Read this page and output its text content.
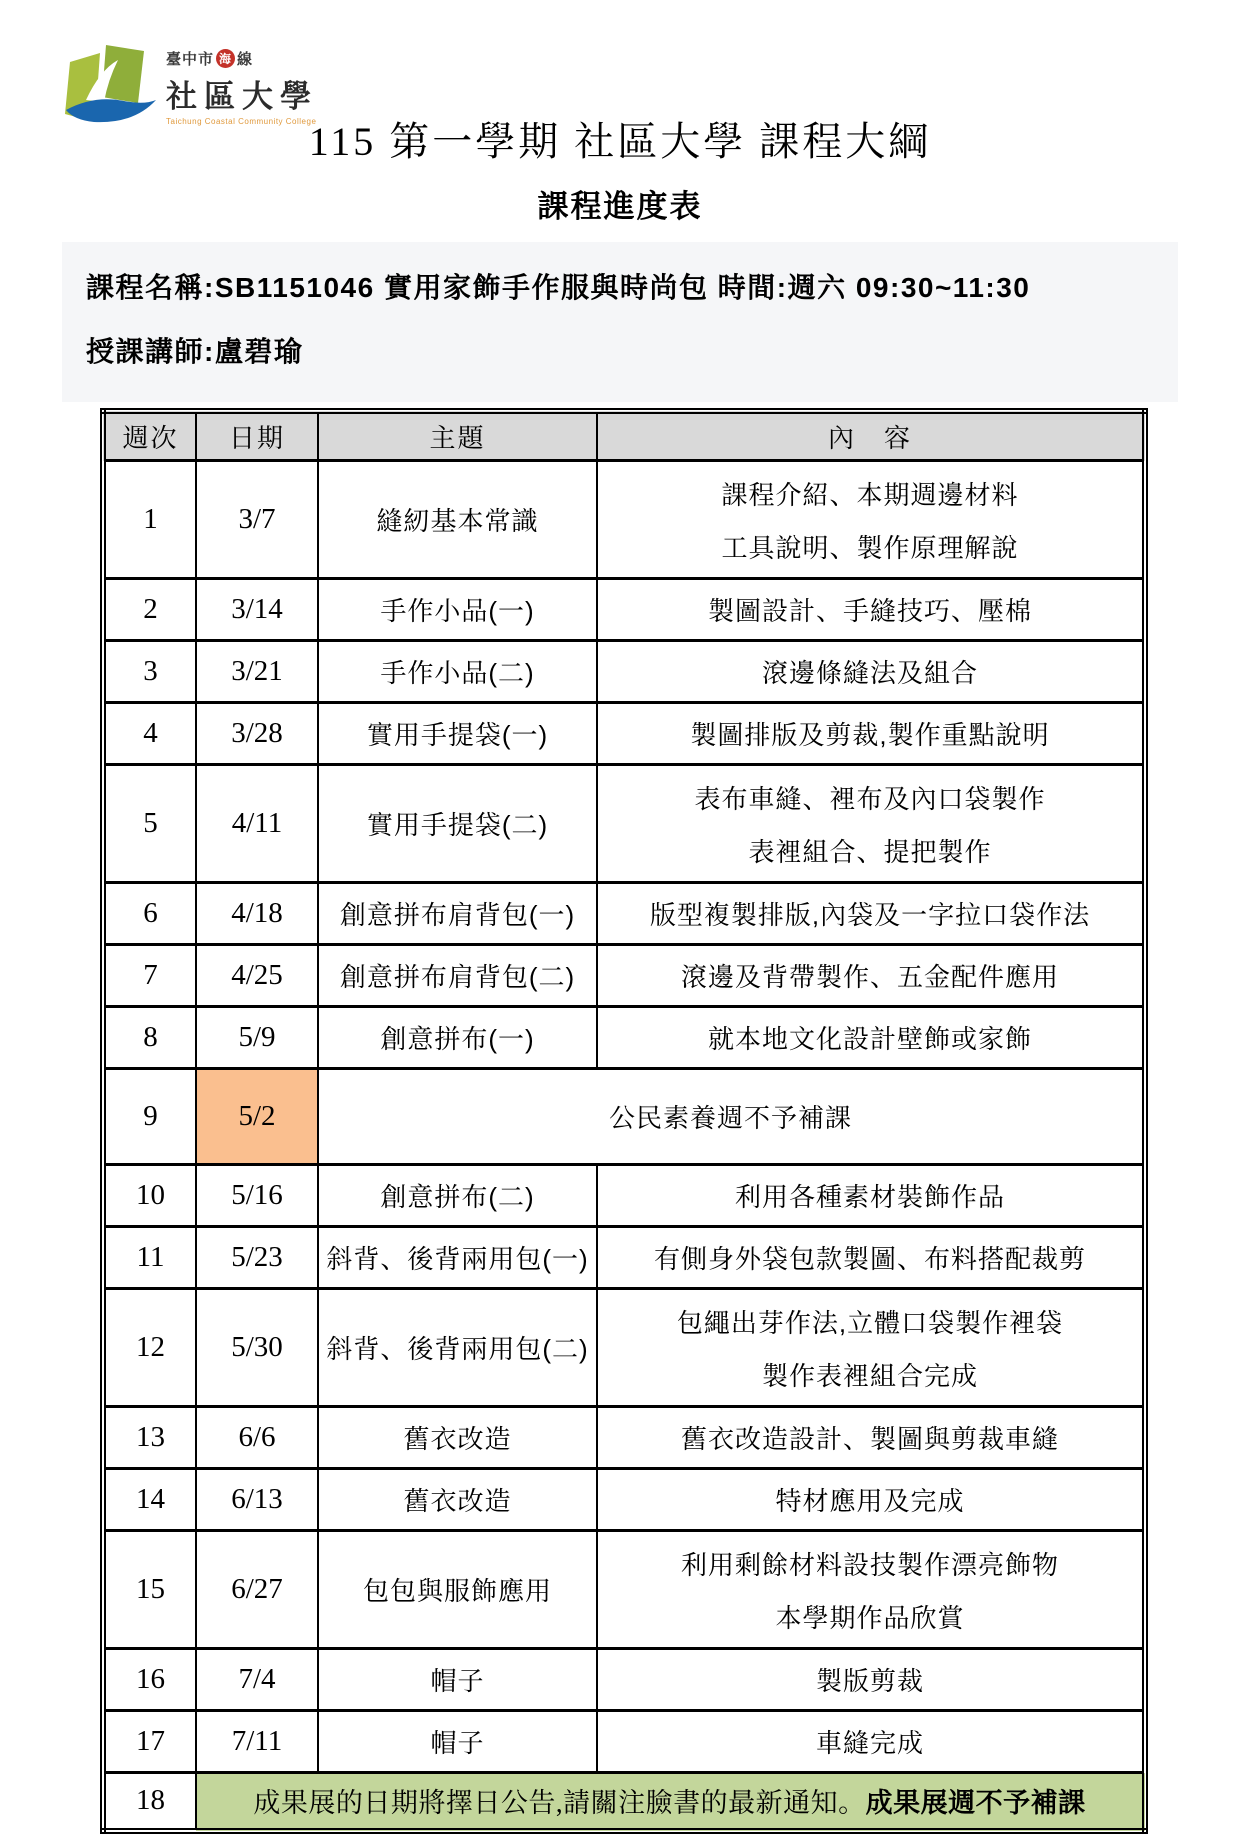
臺中市 海 線
社區大學
Taichung Coastal Community College
115 第一學期 社區大學 課程大綱
課程進度表
課程名稱:SB1151046 實用家飾手作服與時尚包 時間:週六 09:30~11:30
授課講師:盧碧瑜
週次	日期	主題	內　容
1	3/7	縫紉基本常識	課程介紹、本期週邊材料
工具說明、製作原理解說

2	3/14	手作小品(一)	製圖設計、手縫技巧、壓棉

3	3/21	手作小品(二)	滾邊條縫法及組合

4	3/28	實用手提袋(一)	製圖排版及剪裁,製作重點說明

5	4/11	實用手提袋(二)	表布車縫、裡布及內口袋製作
表裡組合、提把製作

6	4/18	創意拼布肩背包(一)	版型複製排版,內袋及一字拉口袋作法

7	4/25	創意拼布肩背包(二)	滾邊及背帶製作、五金配件應用

8	5/9	創意拼布(一)	就本地文化設計壁飾或家飾

9	5/2	公民素養週不予補課	
10	5/16	創意拼布(二)	利用各種素材裝飾作品

11	5/23	斜背、後背兩用包(一)	有側身外袋包款製圖、布料搭配裁剪

12	5/30	斜背、後背兩用包(二)	包繩出芽作法,立體口袋製作裡袋
製作表裡組合完成

13	6/6	舊衣改造	舊衣改造設計、製圖與剪裁車縫

14	6/13	舊衣改造	特材應用及完成

15	6/27	包包與服飾應用	利用剩餘材料設技製作漂亮飾物
本學期作品欣賞

16	7/4	帽子	製版剪裁

17	7/11	帽子	車縫完成

18	成果展的日期將擇日公告,請關注臉書的最新通知。成果展週不予補課		
